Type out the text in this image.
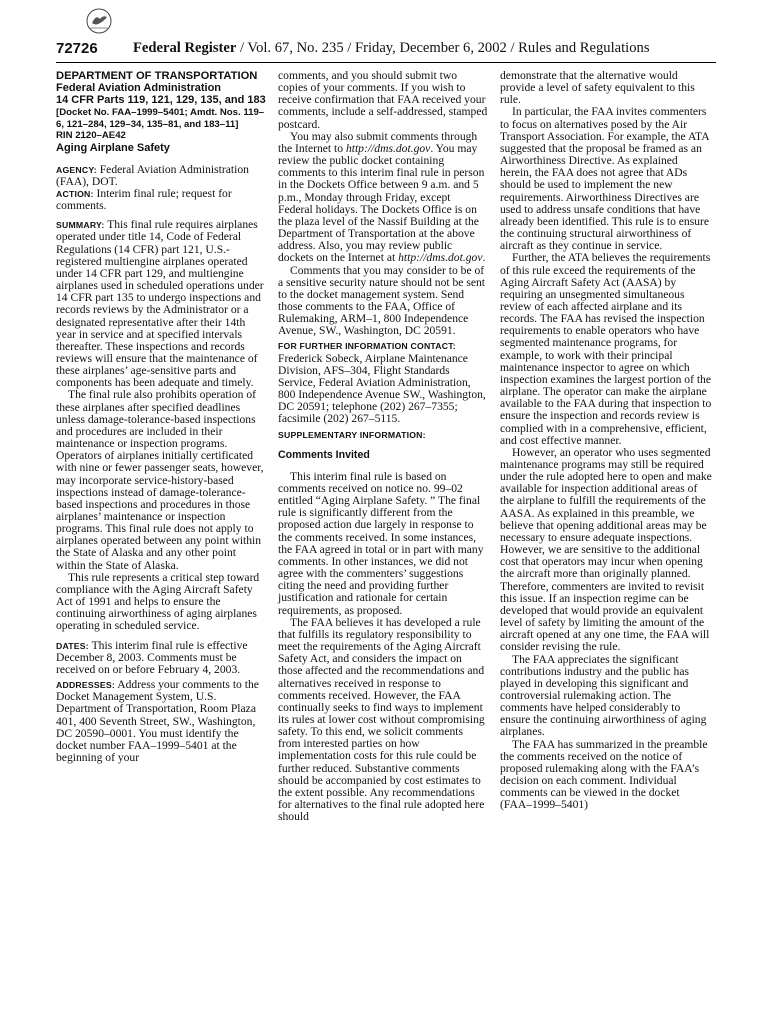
72726 Federal Register / Vol. 67, No. 235 / Friday, December 6, 2002 / Rules and Regulations

DEPARTMENT OF TRANSPORTATION

Federal Aviation Administration

14 CFR Parts 119, 121, 129, 135, and 183

[Docket No. FAA–1999–5401; Amdt. Nos. 119–6, 121–284, 129–34, 135–81, and 183–11]

RIN 2120–AE42

Aging Airplane Safety

AGENCY: Federal Aviation Administration (FAA), DOT.

ACTION: Interim final rule; request for comments.

SUMMARY: This final rule requires airplanes operated under title 14, Code of Federal Regulations (14 CFR) part 121, U.S.-registered multiengine airplanes operated under 14 CFR part 129, and multiengine airplanes used in scheduled operations under 14 CFR part 135 to undergo inspections and records reviews by the Administrator or a designated representative after their 14th year in service and at specified intervals thereafter. These inspections and records reviews will ensure that the maintenance of these airplanes’ age-sensitive parts and components has been adequate and timely.

The final rule also prohibits operation of these airplanes after specified deadlines unless damage-tolerance-based inspections and procedures are included in their maintenance or inspection programs. Operators of airplanes initially certificated with nine or fewer passenger seats, however, may incorporate service-history-based inspections instead of damage-tolerance-based inspections and procedures in those airplanes’ maintenance or inspection programs. This final rule does not apply to airplanes operated between any point within the State of Alaska and any other point within the State of Alaska.

This rule represents a critical step toward compliance with the Aging Aircraft Safety Act of 1991 and helps to ensure the continuing airworthiness of aging airplanes operating in scheduled service.

DATES: This interim final rule is effective December 8, 2003. Comments must be received on or before February 4, 2003.

ADDRESSES: Address your comments to the Docket Management System, U.S. Department of Transportation, Room Plaza 401, 400 Seventh Street, SW., Washington, DC 20590–0001. You must identify the docket number FAA–1999–5401 at the beginning of your

comments, and you should submit two copies of your comments. If you wish to receive confirmation that FAA received your comments, include a self-addressed, stamped postcard.

You may also submit comments through the Internet to http://dms.dot.gov. You may review the public docket containing comments to this interim final rule in person in the Dockets Office between 9 a.m. and 5 p.m., Monday through Friday, except Federal holidays. The Dockets Office is on the plaza level of the Nassif Building at the Department of Transportation at the above address. Also, you may review public dockets on the Internet at http://dms.dot.gov.

Comments that you may consider to be of a sensitive security nature should not be sent to the docket management system. Send those comments to the FAA, Office of Rulemaking, ARM–1, 800 Independence Avenue, SW., Washington, DC 20591.

FOR FURTHER INFORMATION CONTACT:

Frederick Sobeck, Airplane Maintenance Division, AFS–304, Flight Standards Service, Federal Aviation Administration, 800 Independence Avenue SW., Washington, DC 20591; telephone (202) 267–7355; facsimile (202) 267–5115.

SUPPLEMENTARY INFORMATION:

Comments Invited

This interim final rule is based on comments received on notice no. 99–02 entitled “Aging Airplane Safety. ” The final rule is significantly different from the proposed action due largely in response to the comments received. In some instances, the FAA agreed in total or in part with many comments. In other instances, we did not agree with the commenters’ suggestions citing the need and providing further justification and rationale for certain requirements, as proposed.

The FAA believes it has developed a rule that fulfills its regulatory responsibility to meet the requirements of the Aging Aircraft Safety Act, and considers the impact on those affected and the recommendations and alternatives received in response to comments received. However, the FAA continually seeks to find ways to implement its rules at lower cost without compromising safety. To this end, we solicit comments from interested parties on how implementation costs for this rule could be further reduced. Substantive comments should be accompanied by cost estimates to the extent possible. Any recommendations for alternatives to the final rule adopted here should

demonstrate that the alternative would provide a level of safety equivalent to this rule.

In particular, the FAA invites commenters to focus on alternatives posed by the Air Transport Association. For example, the ATA suggested that the proposal be framed as an Airworthiness Directive. As explained herein, the FAA does not agree that ADs should be used to implement the new requirements. Airworthiness Directives are used to address unsafe conditions that have already been identified. This rule is to ensure the continuing structural airworthiness of aircraft as they continue in service.

Further, the ATA believes the requirements of this rule exceed the requirements of the Aging Aircraft Safety Act (AASA) by requiring an unsegmented simultaneous review of each affected airplane and its records. The FAA has revised the inspection requirements to enable operators who have segmented maintenance programs, for example, to work with their principal maintenance inspector to agree on which inspection examines the largest portion of the airplane. The operator can make the airplane available to the FAA during that inspection to ensure the inspection and records review is complied with in a comprehensive, efficient, and cost effective manner.

However, an operator who uses segmented maintenance programs may still be required under the rule adopted here to open and make available for inspection additional areas of the airplane to fulfill the requirements of the AASA. As explained in this preamble, we believe that opening additional areas may be necessary to ensure adequate inspections. However, we are sensitive to the additional cost that operators may incur when opening the aircraft more than originally planned. Therefore, commenters are invited to revisit this issue. If an inspection regime can be developed that would provide an equivalent level of safety by limiting the amount of the aircraft opened at any one time, the FAA will consider revising the rule.

The FAA appreciates the significant contributions industry and the public has played in developing this significant and controversial rulemaking action. The comments have helped considerably to ensure the continuing airworthiness of aging airplanes.

The FAA has summarized in the preamble the comments received on the notice of proposed rulemaking along with the FAA’s decision on each comment. Individual comments can be viewed in the docket (FAA–1999–5401)
